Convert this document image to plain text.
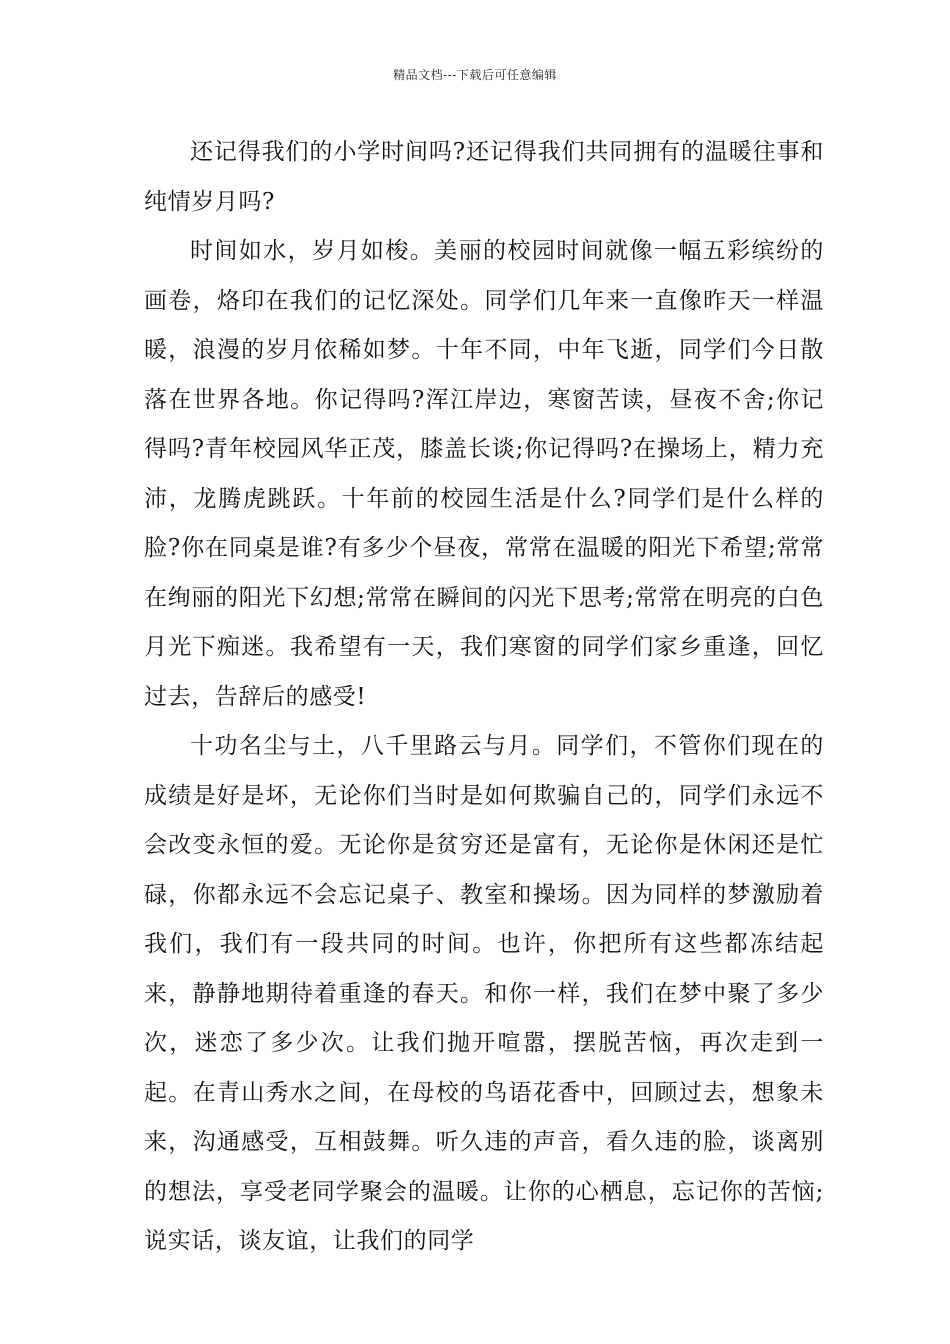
精品文档---下载后可任意编辑

还记得我们的小学时间吗?还记得我们共同拥有的温暖往事和纯情岁月吗?

时间如水，岁月如梭。美丽的校园时间就像一幅五彩缤纷的画卷，烙印在我们的记忆深处。同学们几年来一直像昨天一样温暖，浪漫的岁月依稀如梦。十年不同，中年飞逝，同学们今日散落在世界各地。你记得吗?浑江岸边，寒窗苦读，昼夜不舍;你记得吗?青年校园风华正茂，膝盖长谈;你记得吗?在操场上，精力充沛，龙腾虎跳跃。十年前的校园生活是什么?同学们是什么样的脸?你在同桌是谁?有多少个昼夜，常常在温暖的阳光下希望;常常在绚丽的阳光下幻想;常常在瞬间的闪光下思考;常常在明亮的白色月光下痴迷。我希望有一天，我们寒窗的同学们家乡重逢，回忆过去，告辞后的感受!

十功名尘与土，八千里路云与月。同学们，不管你们现在的成绩是好是坏，无论你们当时是如何欺骗自己的，同学们永远不会改变永恒的爱。无论你是贫穷还是富有，无论你是休闲还是忙碌，你都永远不会忘记桌子、教室和操场。因为同样的梦激励着我们，我们有一段共同的时间。也许，你把所有这些都冻结起来，静静地期待着重逢的春天。和你一样，我们在梦中聚了多少次，迷恋了多少次。让我们抛开喧嚣，摆脱苦恼，再次走到一起。在青山秀水之间，在母校的鸟语花香中，回顾过去，想象未来，沟通感受，互相鼓舞。听久违的声音，看久违的脸，谈离别的想法，享受老同学聚会的温暖。让你的心栖息，忘记你的苦恼;说实话，谈友谊，让我们的同学
